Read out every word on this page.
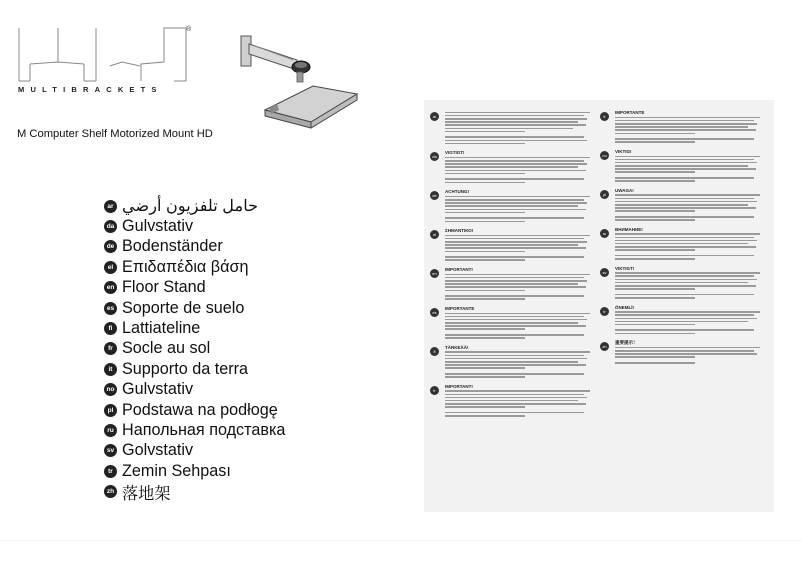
®
MULTIBRACKETS
M Computer Shelf Motorized Mount HD
ar حامل تلفزيون أرضي
da Gulvstativ
de Bodenständer
el Επιδαπέδια βάση
en Floor Stand
es Soporte de suelo
fi Lattiateline
fr Socle au sol
it Supporto da terra
no Gulvstativ
pl Podstawa na podłogę
ru Напольная подставка
sv Golvstativ
tr Zemin Sehpası
zh 落地架
ar
da
VIGTIGT!
de
ACHTUNG!
el
ΣΗΜΑΝΤΙΚΟ!
en
IMPORTANT!
es
IMPORTANTE
fi
TÄRKEÄÄ!
fr
IMPORTANT!
it
IMPORTANTE
no
VIKTIG!
pl
UWAGA!
ru
ВНИМАНИЕ!
sv
VIKTIGT!
tr
ÖNEMLİ!
zh
重要提示！
